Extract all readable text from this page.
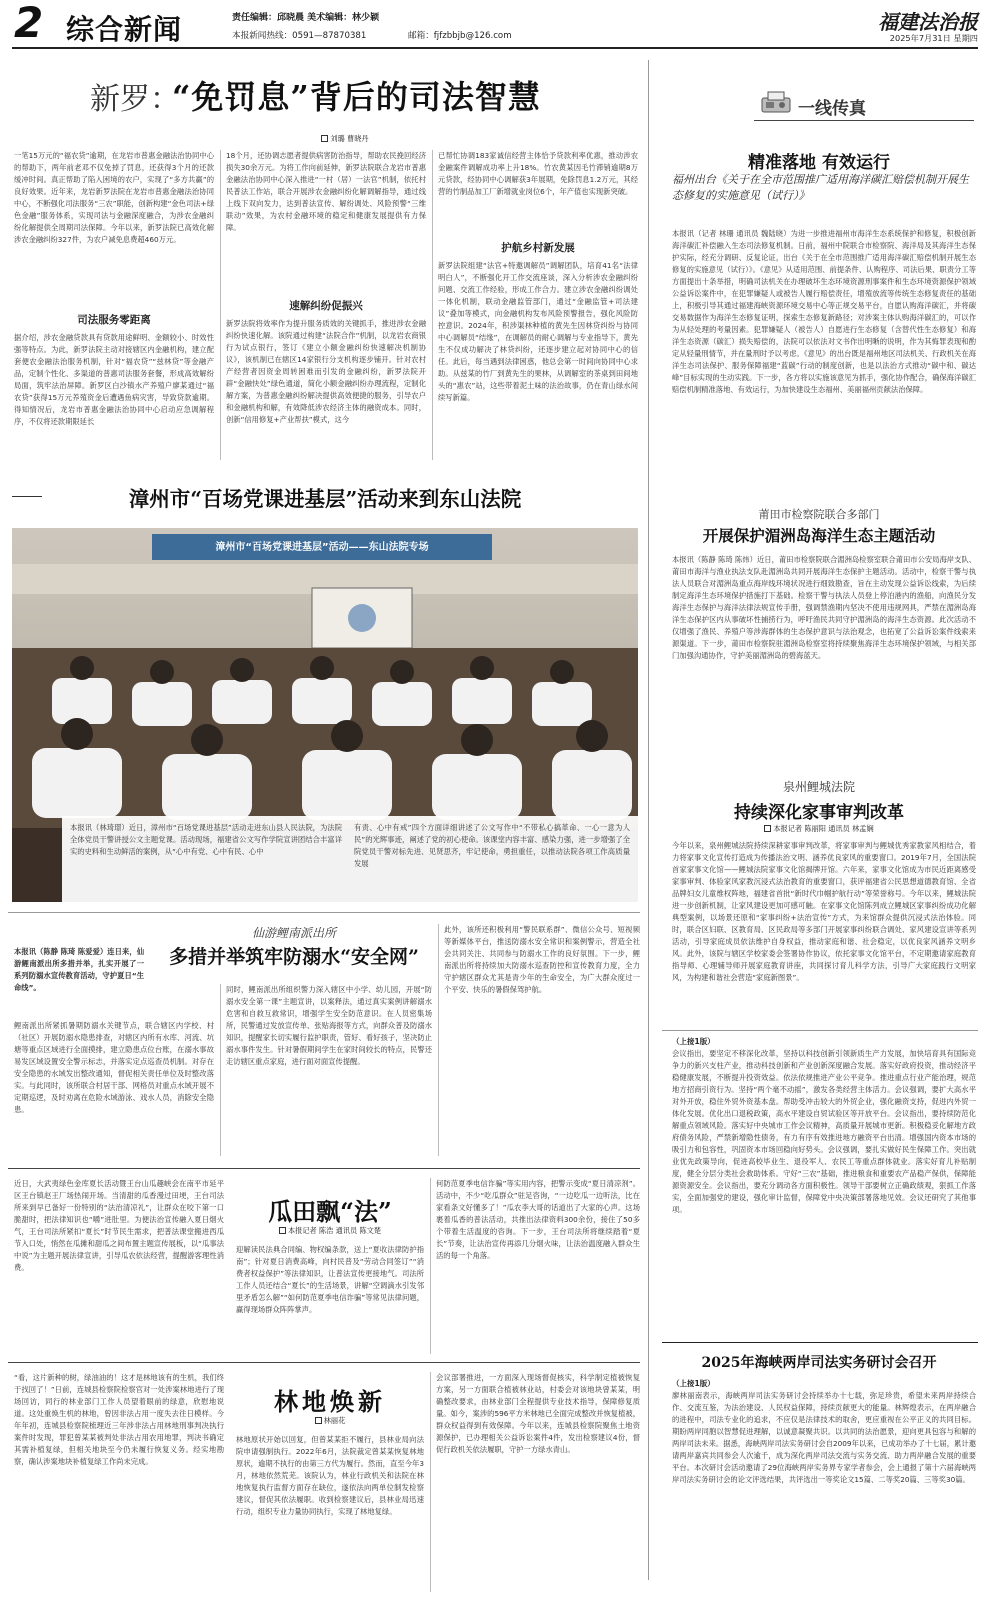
2 综合新闻	责任编辑：邱晓晨 美术编辑：林少颖
本报新闻热线：0591—87870381	邮箱：fjfzbbjb@126.com
福建法治报
2025年7月31日 星期四
新罗：
“免罚息”背后的司法智慧
刘璐 曹晓丹
一笔15万元的“福农贷”逾期，在龙岩市普惠金融法治协同中心的帮助下，两年前老邓不仅免掉了罚息，还获得3个月的还款缓冲时间。真正帮助了陷入困境的农户，实现了“多方共赢”的良好效果。近年来，龙岩新罗法院在龙岩市普惠金融法治协同中心，不断强化司法服务“三农”职能，创新构建“金色司法+绿色金融”服务体系，实现司法与金融深度融合，为涉农金融纠纷化解提供全周期司法保障。今年以来，新罗法院已高效化解涉农金融纠纷327件，为农户减免息费超460万元。
司法服务零距离
据介绍，涉农金融贷款具有贷款用途鲜明、金额较小、时效性强等特点。为此，新罗法院主动对接辖区内金融机构，建立配套便农金融法治服务机制，针对“福农贷”“兹林贷”等金融产品，定制个性化、多渠道的普惠司法服务套餐，形成高效解纷局面，筑牢法治屏障。新罗区白沙镇水产养殖户廖某通过“福农贷”获得15万元养殖资金后遭遇鱼病灾害，导致贷款逾期。得知情况后，龙岩市普惠金融法治协同中心启动应急调解程序，不仅将还款期限延长
18个月，还协调志愿者提供病害防治指导，帮助农民挽回经济损失30余万元。为将工作向前延伸，新罗法院联合龙岩市普惠金融法治协同中心深入推进“一村（居）一法官”机制，依托村民普法工作站，联合开展涉农金融纠纷化解调解指导，通过线上线下双向发力，达到普法宣传、解纷调处、风险预警“三维联动”效果，为农村金融环境的稳定和健康发展提供有力保障。
速解纠纷促振兴
新罗法院将效率作为提升服务质效的关键抓手，推进涉农金融纠纷快速化解。该院通过构建“法院合作”机制，以龙岩农商银行为试点银行，签订《建立小额金融纠纷快速解决机制协议》，该机制已在辖区14家银行分支机构逐步铺开。针对农村产经营者因资金周转困难而引发的金融纠纷，新罗法院开辟“金融快处”绿色通道，简化小额金融纠纷办理流程，定制化解方案，为普惠金融纠纷解决提供高效便捷的服务，引导农户和金融机构和解，有效降低涉农经济主体的融资成本。同时，创新“信用修复+产业帮扶”模式，这今
已帮忙协调183家诚信经营主体恰予贷款利率优惠，推动涉农金融案件调解成功率上升18%。竹农黄某因毛竹滞销逾期8万元贷款，经协同中心调解获3年展期，免除罚息1.2万元，其经营的竹制品加工厂新增就业岗位6个，年产值也实现新突破。
护航乡村新发展
新罗法院组建“法官+特邀调解员”调解团队，培育41名“法律明白人”，不断强化开工作交流座谈，深入分析涉农金融纠纷问题、交流工作经验，形成工作合力。建立涉农金融纠纷调处一体化机制，联动金融监管部门，通过“金融监管+司法建议”叠加等模式，向金融机构发布风险预警报告，强化风险防控意识。2024年，积涉渠林种植的黄先生因林贷纠纷与协同中心调解员“结缘”，在调解员的耐心调解与专业指导下，黄先生不仅成功解决了林贷纠纷，还逐步建立起对协同中心的信任。此后，每当遇到法律困惑，他总会第一时间向协同中心求助。从兹某的竹厂到黄先生的果林，从调解室的茶桌到田间地头的“惠农”站，这些带着泥土味的法治故事，仍在青山绿水间续写新篇。
一线传真
精准落地 有效运行
福州出台《关于在全市范围推广适用海洋碳汇赔偿机制开展生态修复的实施意见（试行）》
本报讯（记者 林珊 通讯员 魏陆晓）为进一步推进福州市海洋生态系统保护和修复，积极创新海洋碳汇补偿融入生态司法修复机制。日前，福州中院联合市检察院、海洋局及其海洋生态保护实际，经充分调研、反复论证，出台《关于在全市范围推广适用海洋碳汇赔偿机制开展生态修复的实施意见（试行）》。《意见》从适用范围、前提条件、认购程序、司法后果、职责分工等方面提出十条举措，明确司法机关在办理破坏生态环境资源刑事案件和生态环境资源保护领域公益诉讼案件中，在犯罪嫌疑人或被告人履行赔偿责任，增殖放流等传统生态修复责任的基础上，积极引导其通过福建海峡资源环境交易中心等正规交易平台，自愿认购海洋碳汇，并将碳交易数据作为海洋生态修复证明，探索生态修复新路径；对涉案主体认购海洋碳汇的，可以作为从轻处理的考量因素。犯罪嫌疑人（被告人）自愿进行生态修复（含替代性生态修复）和海洋生态资源（碳汇）损失赔偿的，法院可以依法对文书作出明晰的说明，作为其悔罪表现和酌定从轻量刑情节，并在量刑时予以考虑。《意见》的出台既是福州地区司法机关、行政机关在海洋生态司法保护、服务保障福建“蓝碳”行动的制度创新，也是以法治方式推动“碳中和、碳达峰”目标实现的生动实践。下一步，各方将以实施该意见为抓手，强化协作配合，确保海洋碳汇赔偿机制精准落地、有效运行，为加快建设生态福州、美丽福州贡献法治保障。
莆田市检察院联合多部门
开展保护湄洲岛海洋生态主题活动
本报讯（陈静 陈琦 陈炜）近日，莆田市检察院联合湄洲岛检察室联合莆田市公安局海岸支队、莆田市海洋与渔业执法支队赴湄洲岛共同开展海洋生态保护主题活动。活动中，检察干警与执法人员联合对湄洲岛重点海岸线环境状况进行细致勘查，旨在主动发现公益诉讼线索，为后续制定海洋生态环境保护措施打下基础。检察干警与执法人员登上停泊港内的渔船，向渔民分发海洋生态保护与海洋法律法规宣传手册，强调禁渔期内坚决不使用违规网具，严禁在湄洲岛海洋生态保护区内从事破坏性捕捞行为，呼吁渔民共同守护湄洲岛的海洋生态资源。此次活动不仅增强了渔民、养殖户等涉海群体的生态保护意识与法治观念，也拓宽了公益诉讼案件线索来源渠道。下一步，莆田市检察院驻湄洲岛检察室将持续聚焦海洋生态环境保护领域，与相关部门加强沟通协作，守护美丽湄洲岛的碧海蓝天。
泉州鲤城法院
持续深化家事审判改革
本报记者 陈丽阳 通讯员 林孟娴
今年以来，泉州鲤城法院持续深耕家事审判改革，将家事审判与鲤城优秀家教家风相结合，着力将家事文化宣传打造成为传播法治文明、涵养优良家风的重要窗口。2019年7月，全国法院首家家事文化馆——鲤城法院家事文化馆揭牌开馆。六年来，家事文化馆成为市民近距离感受家事审判、体验家风家教沉浸式法治教育的重要窗口，获评福建省公民思想道德教育馆、全省品牌妇女儿童维权阵地，福建省首批“新时代巾帼护航行动”等荣誉称号。今年以来，鲤城法院进一步创新机制，让家风建设更加可感可触。在家事文化馆陈列成立鲤城区家事纠纷成功化解典型案例，以场景还原和“家事纠纷+法治宣传”方式，为来馆群众提供沉浸式法治体验。同时，联合区妇联、区教育局、区民政局等多部门开展家事纠纷联合调处、家风建设宣讲等系列活动，引导家庭成员依法维护自身权益，推动家庭和谐、社会稳定，以优良家风涵养文明乡风。此外，该院与辖区学校家委会签署协作协议，依托家事文化馆平台，不定期邀请家庭教育指导师、心理辅导师开展家庭教育讲座，共同探讨育儿科学方法，引导广大家庭践行文明家风，为构建和谐社会营造“家庭新图景”。
（上接1版）
会议指出，要坚定不移深化改革，坚持以科技创新引领新质生产力发展，加快培育具有国际竞争力的新兴支柱产业，推动科技创新和产业创新深度融合发展。落实好政府投资，推动经济平稳健康发展，不断提升投资效益。依法依规推进产业公平竞争。推进重点行业产能治理，规范地方招商引资行为。坚持“两个毫不动摇”，激发各类经营主体活力。会议强调，要扩大高水平对外开放，稳住外贸外资基本盘。帮助受冲击较大的外贸企业，强化融资支持，促进内外贸一体化发展。优化出口退税政策，高水平建设自贸试验区等开放平台。会议指出，要持续防范化解重点领域风险。落实好中央城市工作会议精神，高质量开展城市更新。积极稳妥化解地方政府债务风险，严禁新增隐性债务，有力有序有效推进地方融资平台出清。增强国内资本市场的吸引力和包容性，巩固资本市场回稳向好势头。会议强调，要扎实做好民生保障工作。突出就业优先政策导向，促进高校毕业生、退役军人、农民工等重点群体就业。落实好育儿补贴制度，健全分层分类社会救助体系。守好“三农”基础，推进粮食和重要农产品稳产保供，保障能源资源安全。会议指出，要充分调动各方面积极性。领导干部要树立正确政绩观，狠抓工作落实，全面加强党的建设，强化审计监督，保障党中央决策部署落地见效。会议还研究了其他事项。
2025年海峡两岸司法实务研讨会召开
（上接1版）
廖林丽南表示，海峡两岸司法实务研讨会持续举办十七载，弥足珍贵，希望未来两岸持续合作、交流互鉴，为法治建设、人民权益保障，持续贡献更大的能量。林辉煌表示，在两岸融合的进程中，司法专业化的追求，不应仅是法律技术的取舍，更应重视在公平正义的共同目标。期盼两岸同胞以智慧促进理解，以诚意凝聚共识。以共同的法治愿景，迎向更具包容与和解的两岸司法未来。据悉，海峡两岸司法实务研讨会自2009年以来，已成功举办了十七届，累计邀请两岸嘉宾共同参会人次逾千，成为深化两岸司法交流与实务交流、助力两岸融合发展的重要平台。本次研讨会活动邀请了29位海峡两岸实务界专家学者参会，会上通报了第十六届海峡两岸司法实务研讨会的论文评选结果，共评选出一等奖论文15篇、二等奖20篇、三等奖30篇。
漳州市“百场党课进基层”活动来到东山法院
漳州市“百场党课进基层”活动——东山法院专场
本报讯（林琦璟）近日，漳州市“百场党课进基层”活动走进东山县人民法院，为法院全体党员干警讲授公文主题党课。活动现场，福建省公文写作学院宣讲团结合丰富详实的史料和生动鲜活的案例，从“心中有党、心中有民、心中
有责、心中有戒”四个方面详细讲述了公文写作中“不带私心搞革命、一心一意为人民”的光辉事迹，阐述了党的初心使命。该课堂内容丰富、感染力强，进一步增强了全院党员干警对标先进、见贤思齐，牢记使命，勇担重任，以推动法院各项工作高质量发展
本报讯（陈静 陈琦 陈爱爱）连日来，仙游鲤南派出所多措并举，扎实开展了一系列防溺水宣传教育活动，守护夏日“生命线”。
仙游鲤南派出所
多措并举筑牢防溺水“安全网”
鲤南派出所紧抓暑期防溺水关键节点，联合辖区内学校、村（社区）开展防溺水隐患排查，对辖区内所有水库、河流、坑塘等重点区域进行全面摸排，建立隐患点位台账，在溺水事故易发区域设置安全警示标志，并落实定点巡查员机制。对存在安全隐患的水域发出整改通知，督促相关责任单位及时整改落实。与此同时，该所联合村居干部、网格员对重点水域开展不定期巡逻，及时劝离在危险水域游泳、戏水人员，消除安全隐患。
同时，鲤南派出所组织警力深入辖区中小学、幼儿园，开展“防溺水安全第一课”主题宣讲，以案释法，通过真实案例讲解溺水危害和自救互救常识，增强学生安全防范意识。在人员密集场所，民警通过发放宣传单、张贴海报等方式，向群众普及防溺水知识，提醒家长切实履行监护职责，管好、看好孩子，坚决防止溺水事件发生。针对暑假期间学生在家时间较长的特点，民警还走访辖区重点家庭，进行面对面宣传提醒。
此外，该所还积极利用“警民联系群”、微信公众号、短视频等新媒体平台，推送防溺水安全常识和案例警示，营造全社会共同关注、共同参与防溺水工作的良好氛围。下一步，鲤南派出所将持续加大防溺水巡查防控和宣传教育力度，全力守护辖区群众尤其是青少年的生命安全，为广大群众度过一个平安、快乐的暑假保驾护航。
近日，大武夷绿色金库夏长活动暨王台山瓜趣峡会在南平市延平区王台镇赵王厂场热闹开场。当清甜的瓜香漫过田埂，王台司法所来到早已备好一份特别的“法治清凉礼”，让群众在咬下第一口脆甜时，把法律知识也“嚼”进肚里。为便法治宣传融入夏日烟火气，王台司法所紧扣“夏长”时节民生需求，把普法课堂搬进西瓜节入口处，悄然在瓜摊和甜瓜之间布置主题宣传展板，以“瓜事法中说”为主题开展法律宣讲，引导瓜农依法经营，提醒游客理性消费。
瓜田飘“法”
本报记者 陈浩 通讯员 陈文楚
迎解读民法典合同编、物权编条款，送上“夏收法律防护指南”；针对夏日消费高峰，向村民普及“劳动合同签订”“消费者权益保护”等法律知识，让普法宣传更接地气。司法所工作人员还结合“夏长”的生活场景，讲解“空调滴水引发邻里矛盾怎么解”“如何防范夏季电信诈骗”等常见法律问题，赢得现场群众阵阵掌声。
何防范夏季电信诈骗”等实用内容，把警示变成“夏日清凉剂”。活动中，不少“吃瓜群众”驻足咨询，“一边吃瓜一边听法，比在家看条文好懂多了！”瓜农李大哥的话道出了大家的心声。这场裹着瓜香的普法活动，共推出法律资料300余份，接住了50多个带着生活温度的咨询。下一步，王台司法所将继续踏着“夏长”节奏，让法治宣传再添几分烟火味，让法治温度融入群众生活的每一个角落。
“看，这片新种的树，绿油油的！这才是林地该有的生机，我们终于找回了！”日前，连城县检察院检察官对一处涉案林地进行了现场回访，同行的林业部门工作人员望着眼前的绿意，欣慰地说道。这处重焕生机的林地，曾因非法占用一度失去往日模样。今年年初，连城县检察院梳理近三年涉非法占用林地刑事判决执行案件时发现，罪犯曾某某被判处非法占用农用地罪，判决书确定其需补植复绿，但相关地块至今仍未履行恢复义务。经实地勘察，确认涉案地块补植复绿工作尚未完成。
林地焕新
林丽花
林地原状开始以回复，但曾某某拒不履行，县林业局向法院申请强制执行。2022年6月，法院裁定曾某某恢复林地原状，逾期不执行的由第三方代为履行。然而，直至今年3月，林地依然荒芜。该院认为，林业行政机关和法院在林地恢复执行监督方面存在缺位，遂依法向两单位制发检察建议，督促其依法履职。收到检察建议后，县林业局迅速行动，组织专业力量协同执行，实现了林地复绿。
会议部署推进，一方面深入现场督促核实，科学制定植被恢复方案，另一方面联合植被林业站，村委会对该地块曾某某，明确整改要求，由林业部门全程提供专业技术指导，保障修复质量。如今，案涉的596平方米林地已全面完成整改并恢复植被，群众权益得到有效保障。今年以来，连城县检察院聚焦土地资源保护，已办理相关公益诉讼案件4件，发出检察建议4份，督促行政机关依法履职，守护一方绿水青山。
